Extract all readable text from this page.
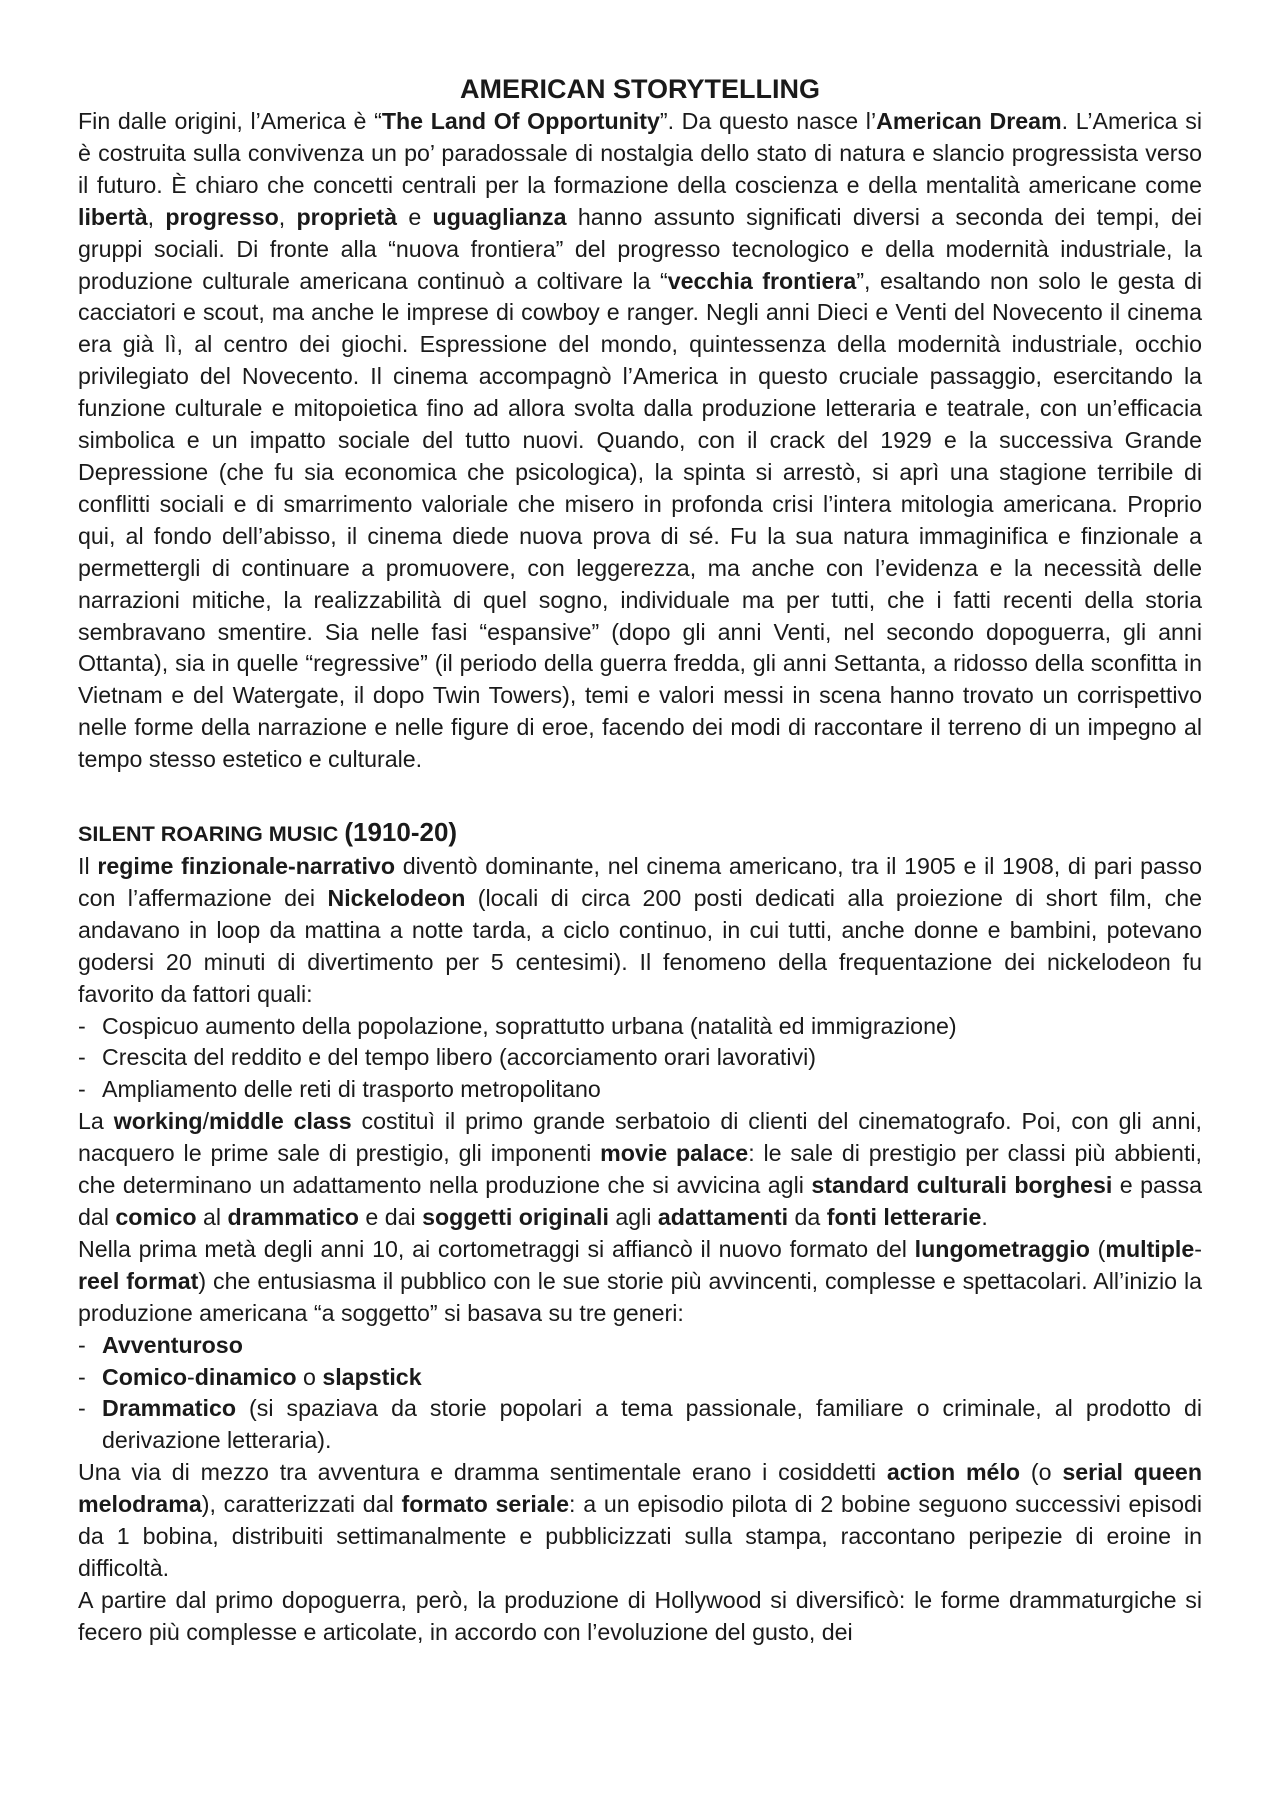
AMERICAN STORYTELLING

Fin dalle origini, l’America è “The Land Of Opportunity”. Da questo nasce l’American Dream. L’America si è costruita sulla convivenza un po’ paradossale di nostalgia dello stato di natura e slancio progressista verso il futuro. È chiaro che concetti centrali per la formazione della coscienza e della mentalità americane come libertà, progresso, proprietà e uguaglianza hanno assunto significati diversi a seconda dei tempi, dei gruppi sociali. Di fronte alla “nuova frontiera” del progresso tecnologico e della modernità industriale, la produzione culturale americana continuò a coltivare la “vecchia frontiera”, esaltando non solo le gesta di cacciatori e scout, ma anche le imprese di cowboy e ranger. Negli anni Dieci e Venti del Novecento il cinema era già lì, al centro dei giochi. Espressione del mondo, quintessenza della modernità industriale, occhio privilegiato del Novecento. Il cinema accompagnò l’America in questo cruciale passaggio, esercitando la funzione culturale e mitopoietica fino ad allora svolta dalla produzione letteraria e teatrale, con un’efficacia simbolica e un impatto sociale del tutto nuovi. Quando, con il crack del 1929 e la successiva Grande Depressione (che fu sia economica che psicologica), la spinta si arrestò, si aprì una stagione terribile di conflitti sociali e di smarrimento valoriale che misero in profonda crisi l’intera mitologia americana. Proprio qui, al fondo dell’abisso, il cinema diede nuova prova di sé. Fu la sua natura immaginifica e finzionale a permettergli di continuare a promuovere, con leggerezza, ma anche con l’evidenza e la necessità delle narrazioni mitiche, la realizzabilità di quel sogno, individuale ma per tutti, che i fatti recenti della storia sembravano smentire. Sia nelle fasi “espansive” (dopo gli anni Venti, nel secondo dopoguerra, gli anni Ottanta), sia in quelle “regressive” (il periodo della guerra fredda, gli anni Settanta, a ridosso della sconfitta in Vietnam e del Watergate, il dopo Twin Towers), temi e valori messi in scena hanno trovato un corrispettivo nelle forme della narrazione e nelle figure di eroe, facendo dei modi di raccontare il terreno di un impegno al tempo stesso estetico e culturale.

SILENT ROARING MUSIC (1910-20)

Il regime finzionale-narrativo diventò dominante, nel cinema americano, tra il 1905 e il 1908, di pari passo con l’affermazione dei Nickelodeon (locali di circa 200 posti dedicati alla proiezione di short film, che andavano in loop da mattina a notte tarda, a ciclo continuo, in cui tutti, anche donne e bambini, potevano godersi 20 minuti di divertimento per 5 centesimi). Il fenomeno della frequentazione dei nickelodeon fu favorito da fattori quali:

- Cospicuo aumento della popolazione, soprattutto urbana (natalità ed immigrazione)
- Crescita del reddito e del tempo libero (accorciamento orari lavorativi)
- Ampliamento delle reti di trasporto metropolitano

La working/middle class costituì il primo grande serbatoio di clienti del cinematografo. Poi, con gli anni, nacquero le prime sale di prestigio, gli imponenti movie palace: le sale di prestigio per classi più abbienti, che determinano un adattamento nella produzione che si avvicina agli standard culturali borghesi e passa dal comico al drammatico e dai soggetti originali agli adattamenti da fonti letterarie.

Nella prima metà degli anni 10, ai cortometraggi si affiancò il nuovo formato del lungometraggio (multiple-reel format) che entusiasma il pubblico con le sue storie più avvincenti, complesse e spettacolari. All’inizio la produzione americana “a soggetto” si basava su tre generi:

- Avventuroso
- Comico-dinamico o slapstick
- Drammatico (si spaziava da storie popolari a tema passionale, familiare o criminale, al prodotto di derivazione letteraria).

Una via di mezzo tra avventura e dramma sentimentale erano i cosiddetti action mélo (o serial queen melodrama), caratterizzati dal formato seriale: a un episodio pilota di 2 bobine seguono successivi episodi da 1 bobina, distribuiti settimanalmente e pubblicizzati sulla stampa, raccontano peripezie di eroine in difficoltà.

A partire dal primo dopoguerra, però, la produzione di Hollywood si diversificò: le forme drammaturgiche si fecero più complesse e articolate, in accordo con l’evoluzione del gusto, dei
